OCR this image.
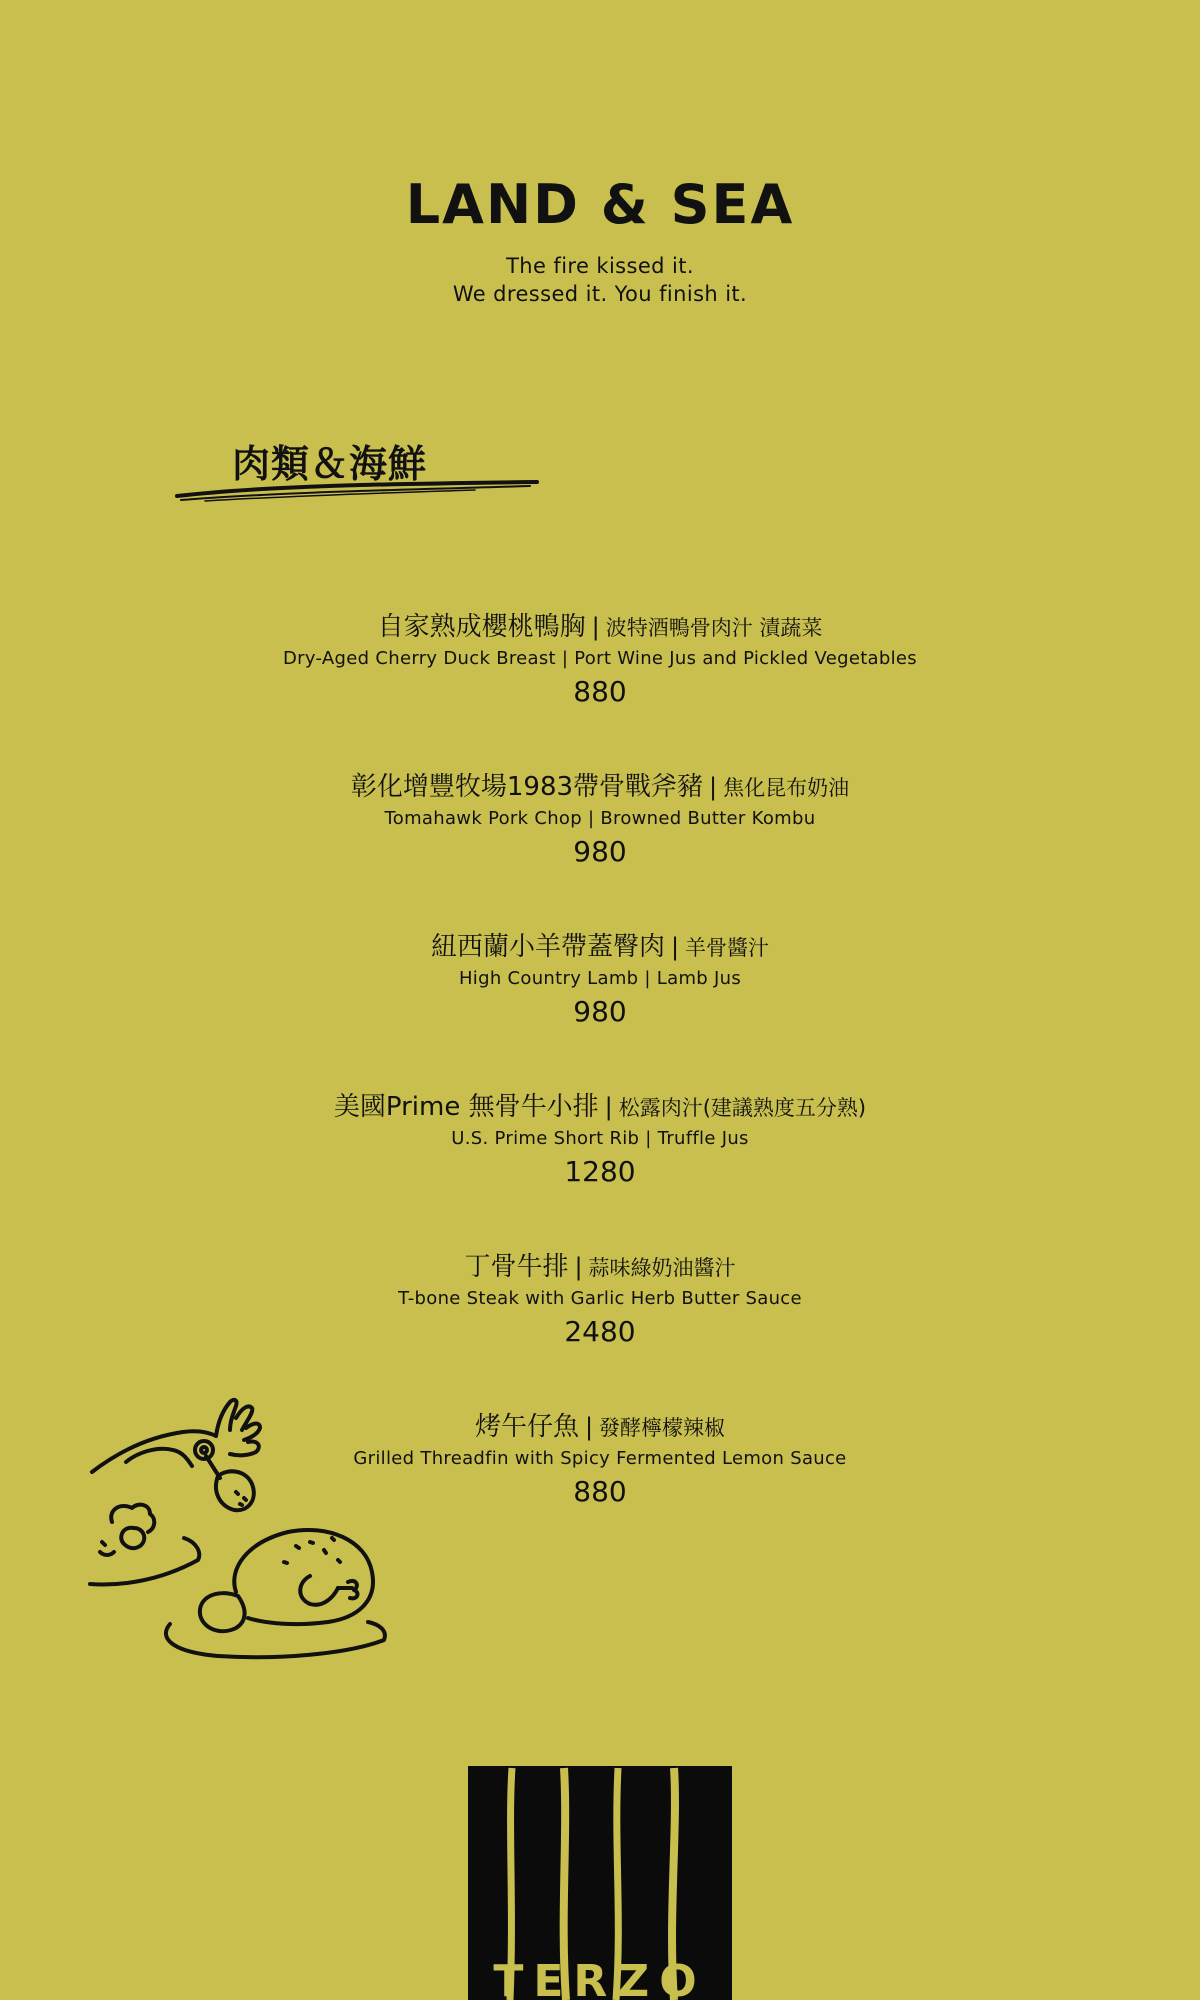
LAND & SEA
The fire kissed it.
We dressed it. You finish it.
肉類＆海鮮
自家熟成櫻桃鴨胸 | 波特酒鴨骨肉汁 漬蔬菜
Dry-Aged Cherry Duck Breast | Port Wine Jus and Pickled Vegetables
880
彰化增豐牧場1983帶骨戰斧豬 | 焦化昆布奶油
Tomahawk Pork Chop | Browned Butter Kombu
980
紐西蘭小羊帶蓋臀肉 | 羊骨醬汁
High Country Lamb | Lamb Jus
980
美國Prime 無骨牛小排 | 松露肉汁(建議熟度五分熟)
U.S. Prime Short Rib | Truffle Jus
1280
丁骨牛排 | 蒜味綠奶油醬汁
T-bone Steak with Garlic Herb Butter Sauce
2480
烤午仔魚 | 發酵檸檬辣椒
Grilled Threadfin with Spicy Fermented Lemon Sauce
880
TERZO
